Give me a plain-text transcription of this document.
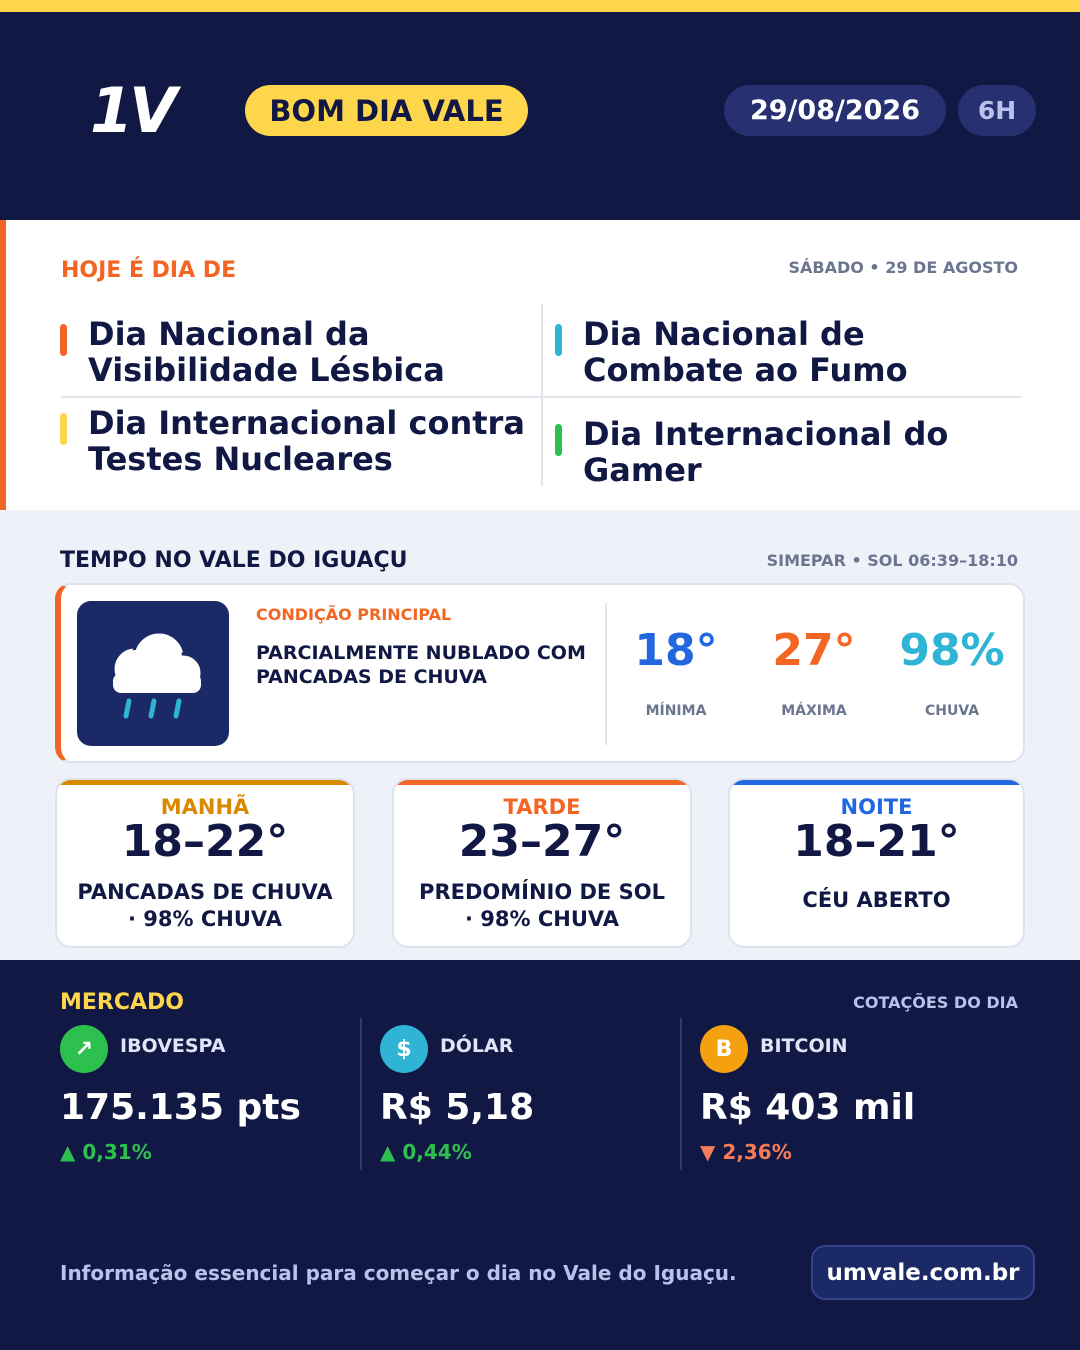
1V	BOM DIA VALE	29/08/2026	6H
HOJE É DIA DE	SÁBADO • 29 DE AGOSTO
Dia Nacional da Visibilidade Lésbica
Dia Nacional de Combate ao Fumo
Dia Internacional contra Testes Nucleares
Dia Internacional do Gamer
TEMPO NO VALE DO IGUAÇU	SIMEPAR • SOL 06:39–18:10
CONDIÇÃO PRINCIPAL
PARCIALMENTE NUBLADO COM PANCADAS DE CHUVA
18°
MÍNIMA
27°
MÁXIMA
98%
CHUVA
MANHÃ
18–22°
PANCADAS DE CHUVA
· 98% CHUVA
TARDE
23–27°
PREDOMÍNIO DE SOL
· 98% CHUVA
NOITE
18–21°
CÉU ABERTO
MERCADO	COTAÇÕES DO DIA
↗	IBOVESPA
175.135 pts
▲ 0,31%
$	DÓLAR
R$ 5,18
▲ 0,44%
B	BITCOIN
R$ 403 mil
▼ 2,36%
Informação essencial para começar o dia no Vale do Iguaçu.	umvale.com.br
